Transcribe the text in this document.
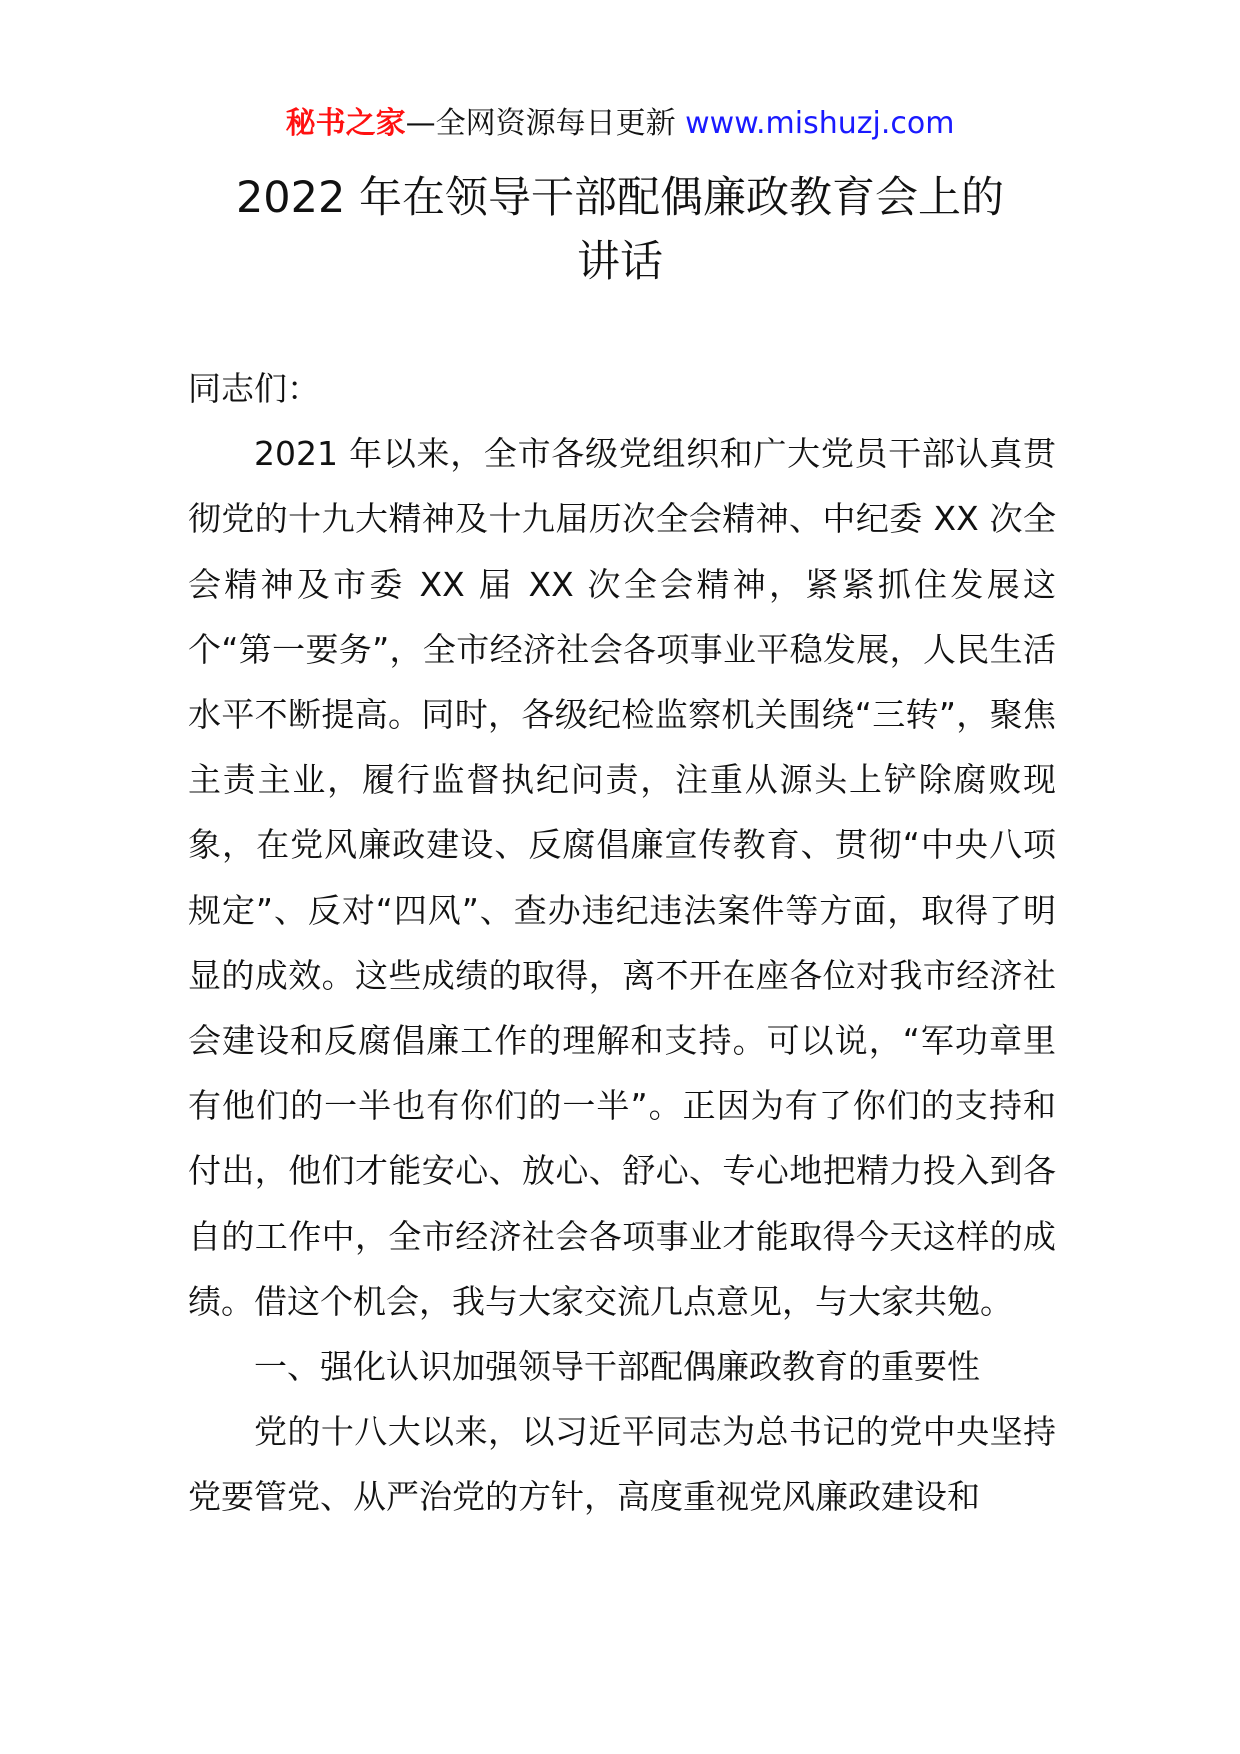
秘书之家—全网资源每日更新 www.mishuzj.com
2022 年在领导干部配偶廉政教育会上的
讲话

同志们：

2021 年以来，全市各级党组织和广大党员干部认真贯彻党的十九大精神及十九届历次全会精神、中纪委 XX 次全会精神及市委 XX 届 XX 次全会精神，紧紧抓住发展这个“第一要务”，全市经济社会各项事业平稳发展，人民生活水平不断提高。同时，各级纪检监察机关围绕“三转”，聚焦主责主业，履行监督执纪问责，注重从源头上铲除腐败现象，在党风廉政建设、反腐倡廉宣传教育、贯彻“中央八项规定”、反对“四风”、查办违纪违法案件等方面，取得了明显的成效。这些成绩的取得，离不开在座各位对我市经济社会建设和反腐倡廉工作的理解和支持。可以说，“军功章里有他们的一半也有你们的一半”。正因为有了你们的支持和付出，他们才能安心、放心、舒心、专心地把精力投入到各自的工作中，全市经济社会各项事业才能取得今天这样的成绩。借这个机会，我与大家交流几点意见，与大家共勉。

一、强化认识加强领导干部配偶廉政教育的重要性

党的十八大以来，以习近平同志为总书记的党中央坚持党要管党、从严治党的方针，高度重视党风廉政建设和
